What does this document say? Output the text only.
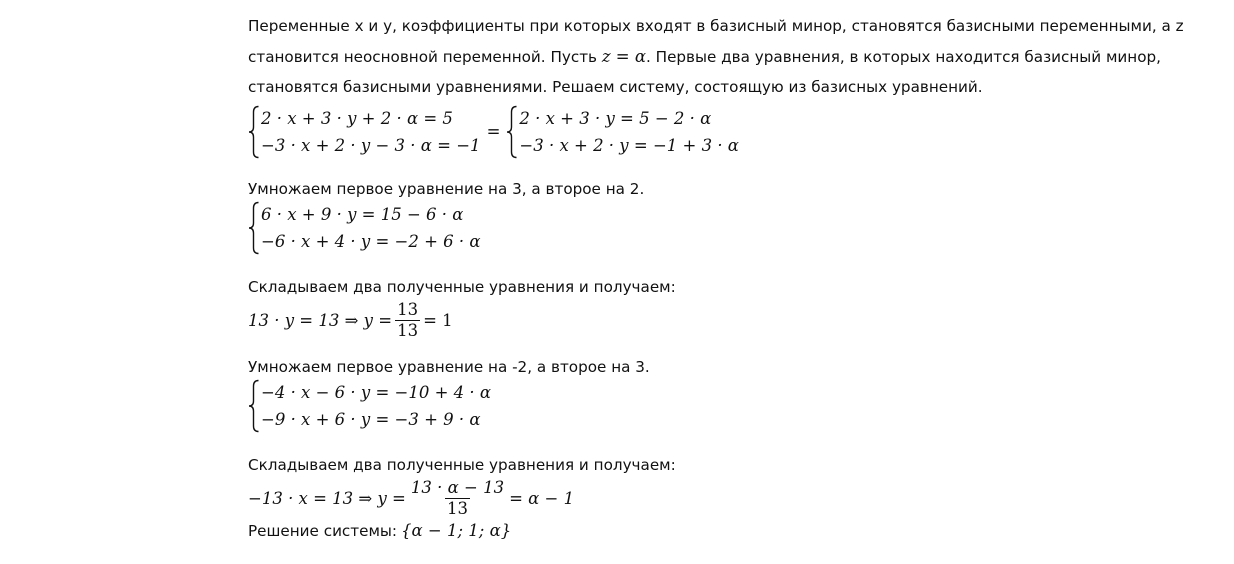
Переменные x и y, коэффициенты при которых входят в базисный минор, становятся базисными переменными, а z становится неосновной переменной. Пусть z = α. Первые два уравнения, в которых находится базисный минор, становятся базисными уравнениями. Решаем систему, состоящую из базисных уравнений.
2 · x + 3 · y + 2 · α = 5
−3 · x + 2 · y − 3 · α = −1
=
2 · x + 3 · y = 5 − 2 · α
−3 · x + 2 · y = −1 + 3 · α
Умножаем первое уравнение на 3, а второе на 2.
6 · x + 9 · y = 15 − 6 · α
−6 · x + 4 · y = −2 + 6 · α
Складываем два полученные уравнения и получаем:
13 · y = 13 ⇒ $y = \frac{13}{13} = 1$
Умножаем первое уравнение на -2, а второе на 3.
−4 · x − 6 · y = −10 + 4 · α
−9 · x + 6 · y = −3 + 9 · α
Складываем два полученные уравнения и получаем:
−13 · x = 13 ⇒ $y = \frac{13 \cdot \alpha - 13}{13} = \alpha - 1$
Решение системы: {α − 1; 1; α}
